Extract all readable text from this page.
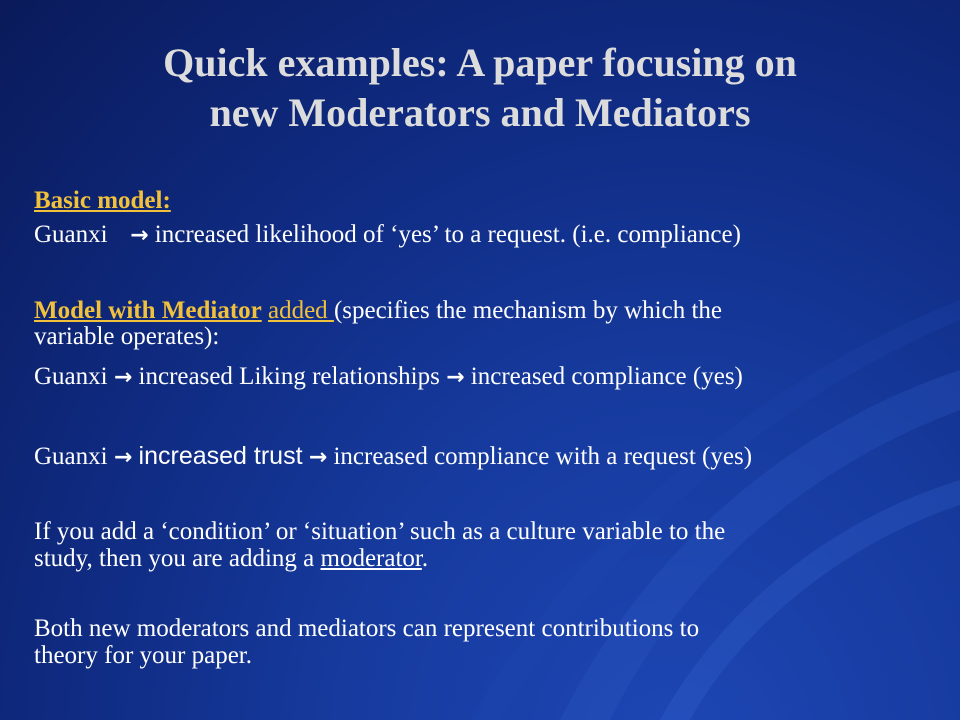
Quick examples: A paper focusing on
new Moderators and Mediators
Basic model:
Guanxi → increased likelihood of ‘yes’ to a request. (i.e. compliance)
Model with Mediator added (specifies the mechanism by which the
variable operates):
Guanxi → increased Liking relationships → increased compliance (yes)
Guanxi → increased trust → increased compliance with a request (yes)
If you add a ‘condition’ or ‘situation’ such as a culture variable to the
study, then you are adding a moderator.
Both new moderators and mediators can represent contributions to
theory for your paper.
